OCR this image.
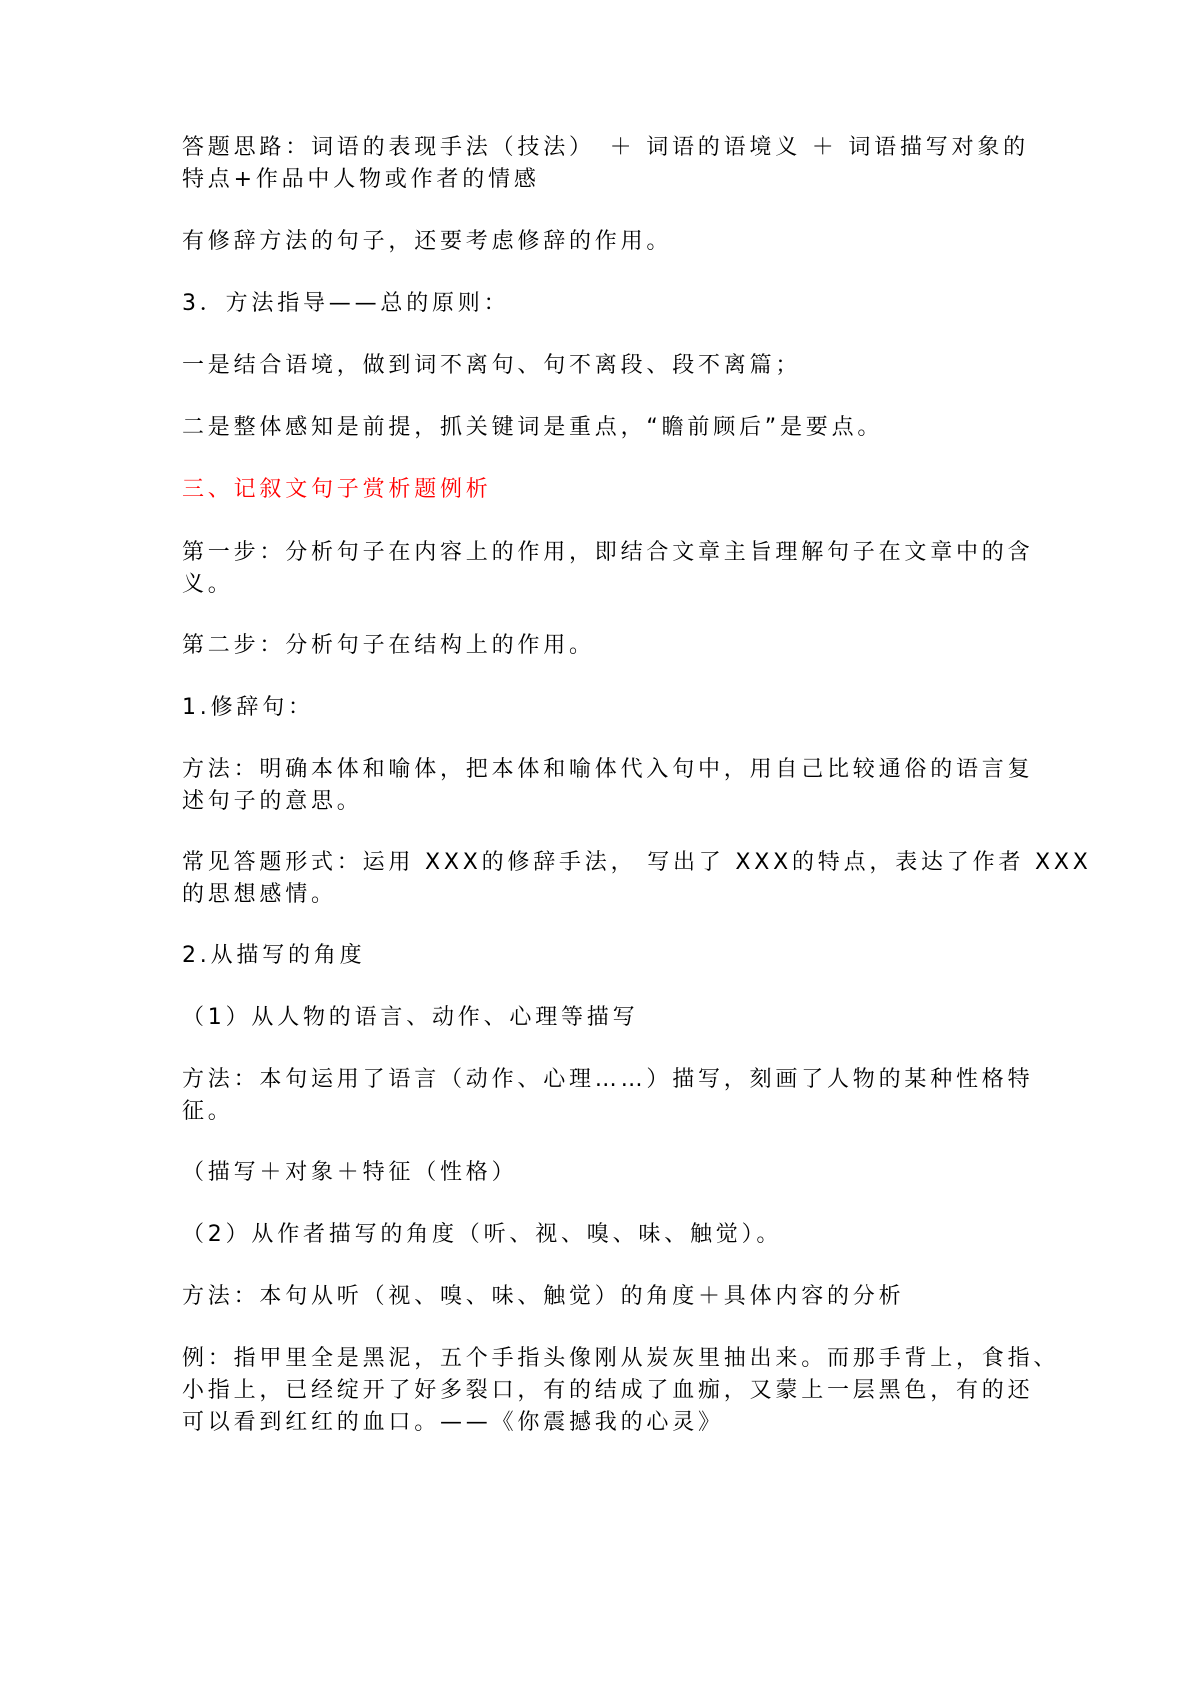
答题思路：词语的表现手法（技法）　＋ 词语的语境义 ＋ 词语描写对象的
特点+作品中人物或作者的情感
有修辞方法的句子，还要考虑修辞的作用。
3．方法指导——总的原则：
一是结合语境，做到词不离句、句不离段、段不离篇；
二是整体感知是前提，抓关键词是重点，“瞻前顾后”是要点。
三、记叙文句子赏析题例析
第一步：分析句子在内容上的作用，即结合文章主旨理解句子在文章中的含
义。
第二步：分析句子在结构上的作用。
1.修辞句：
方法：明确本体和喻体，把本体和喻体代入句中，用自己比较通俗的语言复
述句子的意思。
常见答题形式：运用 XXX的修辞手法， 写出了 XXX的特点，表达了作者 XXX
的思想感情。
2.从描写的角度
（1）从人物的语言、动作、心理等描写
方法：本句运用了语言（动作、心理……）描写，刻画了人物的某种性格特
征。
（描写＋对象＋特征（性格）
（2）从作者描写的角度（听、视、嗅、味、触觉）。
方法：本句从听（视、嗅、味、触觉）的角度＋具体内容的分析
例：指甲里全是黑泥，五个手指头像刚从炭灰里抽出来。而那手背上，食指、
小指上，已经绽开了好多裂口，有的结成了血痂，又蒙上一层黑色，有的还
可以看到红红的血口。——《你震撼我的心灵》
